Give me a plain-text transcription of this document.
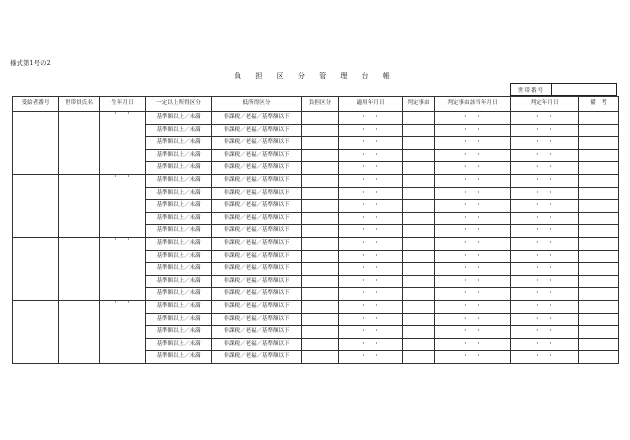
様式第1号の2
負 担 区 分 管 理 台 帳
世帯番号
受給者番号	世帯員氏名	生年月日	一定以上所得区分	低所得区分	負担区分	適用年月日	判定事由	判定事由該当年月日	判定年月日	備　考
		・　・	基準額以上／未満	非課税／老福／基準額以下		・　・		・　・	・　・	
			基準額以上／未満	非課税／老福／基準額以下		・　・		・　・	・　・	
			基準額以上／未満	非課税／老福／基準額以下		・　・		・　・	・　・	
			基準額以上／未満	非課税／老福／基準額以下		・　・		・　・	・　・	
			基準額以上／未満	非課税／老福／基準額以下		・　・		・　・	・　・	
		・　・	基準額以上／未満	非課税／老福／基準額以下		・　・		・　・	・　・	
			基準額以上／未満	非課税／老福／基準額以下		・　・		・　・	・　・	
			基準額以上／未満	非課税／老福／基準額以下		・　・		・　・	・　・	
			基準額以上／未満	非課税／老福／基準額以下		・　・		・　・	・　・	
			基準額以上／未満	非課税／老福／基準額以下		・　・		・　・	・　・	
		・　・	基準額以上／未満	非課税／老福／基準額以下		・　・		・　・	・　・	
			基準額以上／未満	非課税／老福／基準額以下		・　・		・　・	・　・	
			基準額以上／未満	非課税／老福／基準額以下		・　・		・　・	・　・	
			基準額以上／未満	非課税／老福／基準額以下		・　・		・　・	・　・	
			基準額以上／未満	非課税／老福／基準額以下		・　・		・　・	・　・	
		・　・	基準額以上／未満	非課税／老福／基準額以下		・　・		・　・	・　・	
			基準額以上／未満	非課税／老福／基準額以下		・　・		・　・	・　・	
			基準額以上／未満	非課税／老福／基準額以下		・　・		・　・	・　・	
			基準額以上／未満	非課税／老福／基準額以下		・　・		・　・	・　・	
			基準額以上／未満	非課税／老福／基準額以下		・　・		・　・	・　・	
